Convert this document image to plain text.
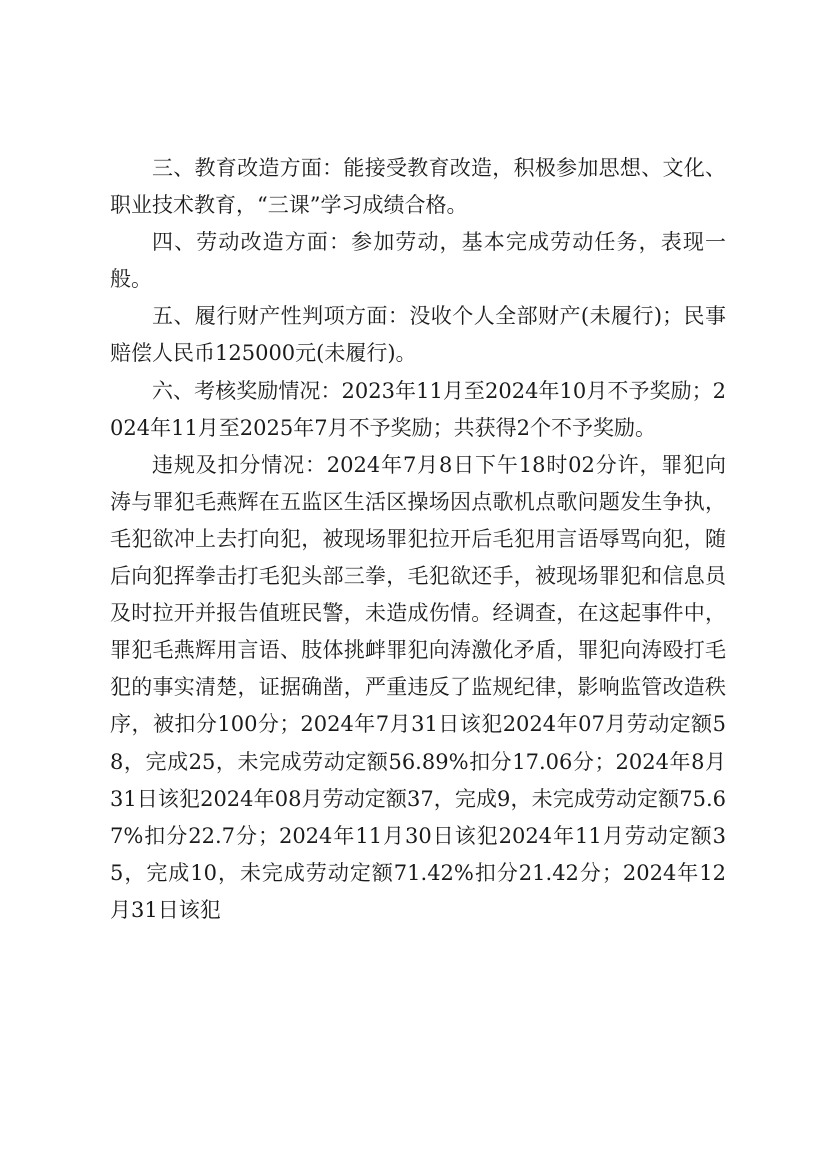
三、教育改造方面：能接受教育改造，积极参加思想、文化、职业技术教育，“三课”学习成绩合格。

四、劳动改造方面：参加劳动，基本完成劳动任务，表现一般。

五、履行财产性判项方面：没收个人全部财产(未履行)；民事赔偿人民币125000元(未履行)。

六、考核奖励情况：2023年11月至2024年10月不予奖励；2024年11月至2025年7月不予奖励；共获得2个不予奖励。

违规及扣分情况：2024年7月8日下午18时02分许，罪犯向涛与罪犯毛燕辉在五监区生活区操场因点歌机点歌问题发生争执，毛犯欲冲上去打向犯，被现场罪犯拉开后毛犯用言语辱骂向犯，随后向犯挥拳击打毛犯头部三拳，毛犯欲还手，被现场罪犯和信息员及时拉开并报告值班民警，未造成伤情。经调查，在这起事件中，罪犯毛燕辉用言语、肢体挑衅罪犯向涛激化矛盾，罪犯向涛殴打毛犯的事实清楚，证据确凿，严重违反了监规纪律，影响监管改造秩序，被扣分100分；2024年7月31日该犯2024年07月劳动定额58，完成25，未完成劳动定额56.89%扣分17.06分；2024年8月31日该犯2024年08月劳动定额37，完成9，未完成劳动定额75.67%扣分22.7分；2024年11月30日该犯2024年11月劳动定额35，完成10，未完成劳动定额71.42%扣分21.42分；2024年12月31日该犯
